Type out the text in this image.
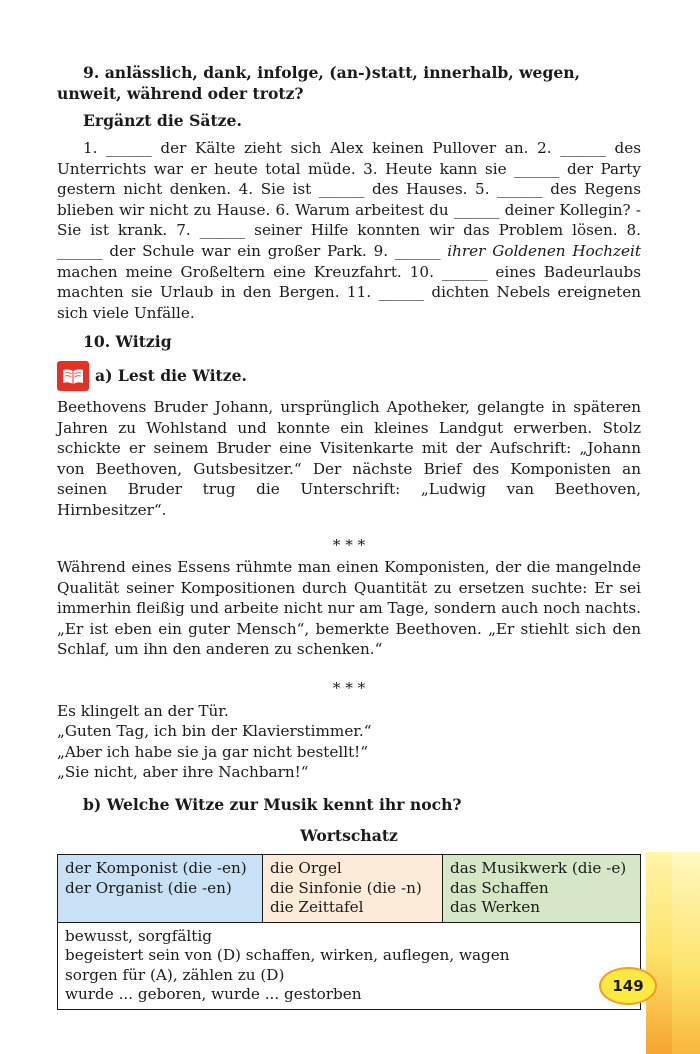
9. anlässlich, dank, infolge, (an-)statt, innerhalb, wegen, unweit, während oder trotz?

Ergänzt die Sätze.

1. ______ der Kälte zieht sich Alex keinen Pullover an. 2. ______ des Unterrichts war er heute total müde. 3. Heute kann sie ______ der Party gestern nicht denken. 4. Sie ist ______ des Hauses. 5. ______ des Regens blieben wir nicht zu Hause. 6. Warum arbeitest du ______ deiner Kollegin? -Sie ist krank. 7. ______ seiner Hilfe konnten wir das Problem lösen. 8. ______ der Schule war ein großer Park. 9. ______ ihrer Goldenen Hochzeit machen meine Großeltern eine Kreuzfahrt. 10. ______ eines Badeurlaubs machten sie Urlaub in den Bergen. 11. ______ dichten Nebels ereigneten sich viele Unfälle.

10. Witzig
a) Lest die Witze.

Beethovens Bruder Johann, ursprünglich Apotheker, gelangte in späteren Jahren zu Wohlstand und konnte ein kleines Landgut erwerben. Stolz schickte er seinem Bruder eine Visitenkarte mit der Aufschrift: „Johann von Beethoven, Gutsbesitzer.“ Der nächste Brief des Komponisten an seinen Bruder trug die Unterschrift: „Ludwig van Beethoven, Hirnbesitzer“.

* * *

Während eines Essens rühmte man einen Komponisten, der die mangelnde Qualität seiner Kompositionen durch Quantität zu ersetzen suchte: Er sei immerhin fleißig und arbeite nicht nur am Tage, sondern auch noch nachts. „Er ist eben ein guter Mensch“, bemerkte Beethoven. „Er stiehlt sich den Schlaf, um ihn den anderen zu schenken.“

* * *
Es klingelt an der Tür.
„Guten Tag, ich bin der Klavierstimmer.“
„Aber ich habe sie ja gar nicht bestellt!“
„Sie nicht, aber ihre Nachbarn!“
b) Welche Witze zur Musik kennt ihr noch?
Wortschatz
der Komponist (die -en)
der Organist (die -en)

die Orgel
die Sinfonie (die -n)
die Zeittafel

das Musikwerk (die -e)
das Schaffen
das Werken

bewusst, sorgfältig
begeistert sein von (D) schaffen, wirken, auflegen, wagen
sorgen für (A), zählen zu (D)
wurde ... geboren, wurde ... gestorben	149
